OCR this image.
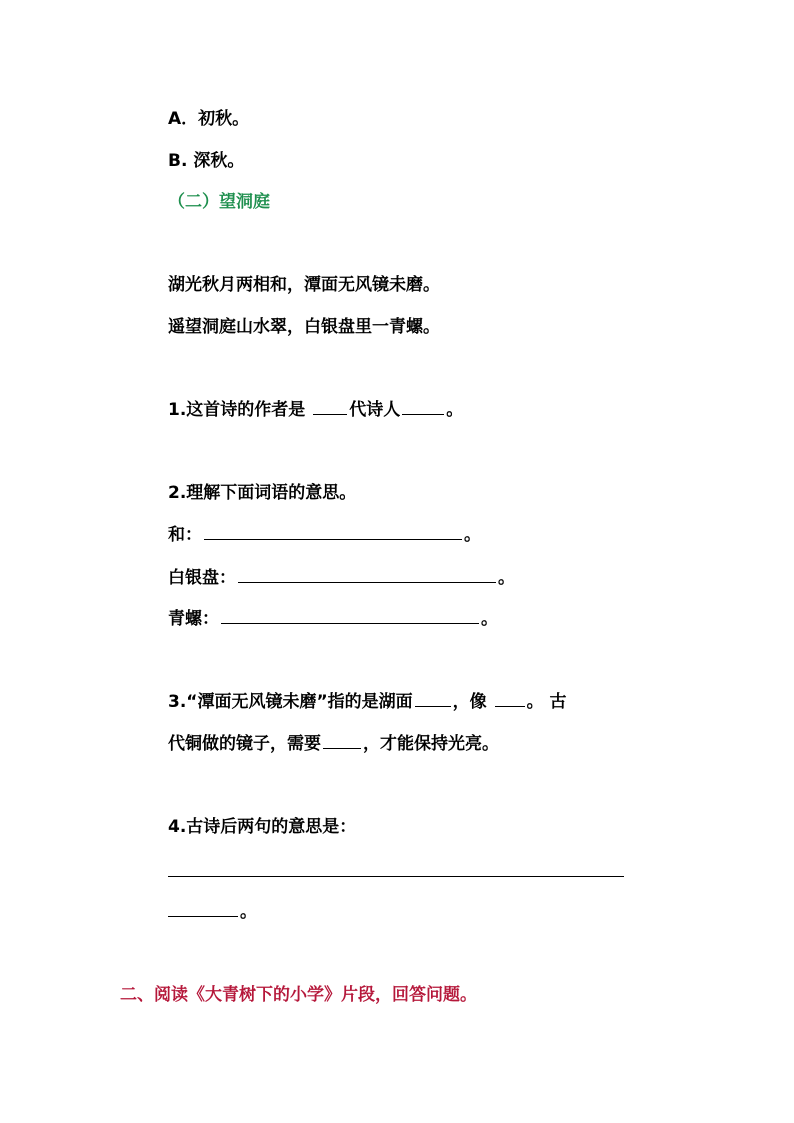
A．初秋。
B. 深秋。
（二）望洞庭
湖光秋月两相和，潭面无风镜未磨。
遥望洞庭山水翠，白银盘里一青螺。
1.这首诗的作者是 代诗人	。
2.理解下面词语的意思。
和：	。
白银盘：	。
青螺：	。
3.“潭面无风镜未磨”指的是湖面 ，像 。 古
代铜做的镜子，需要 ，才能保持光亮。
4.古诗后两句的意思是：
。
二、阅读《大青树下的小学》片段，回答问题。
